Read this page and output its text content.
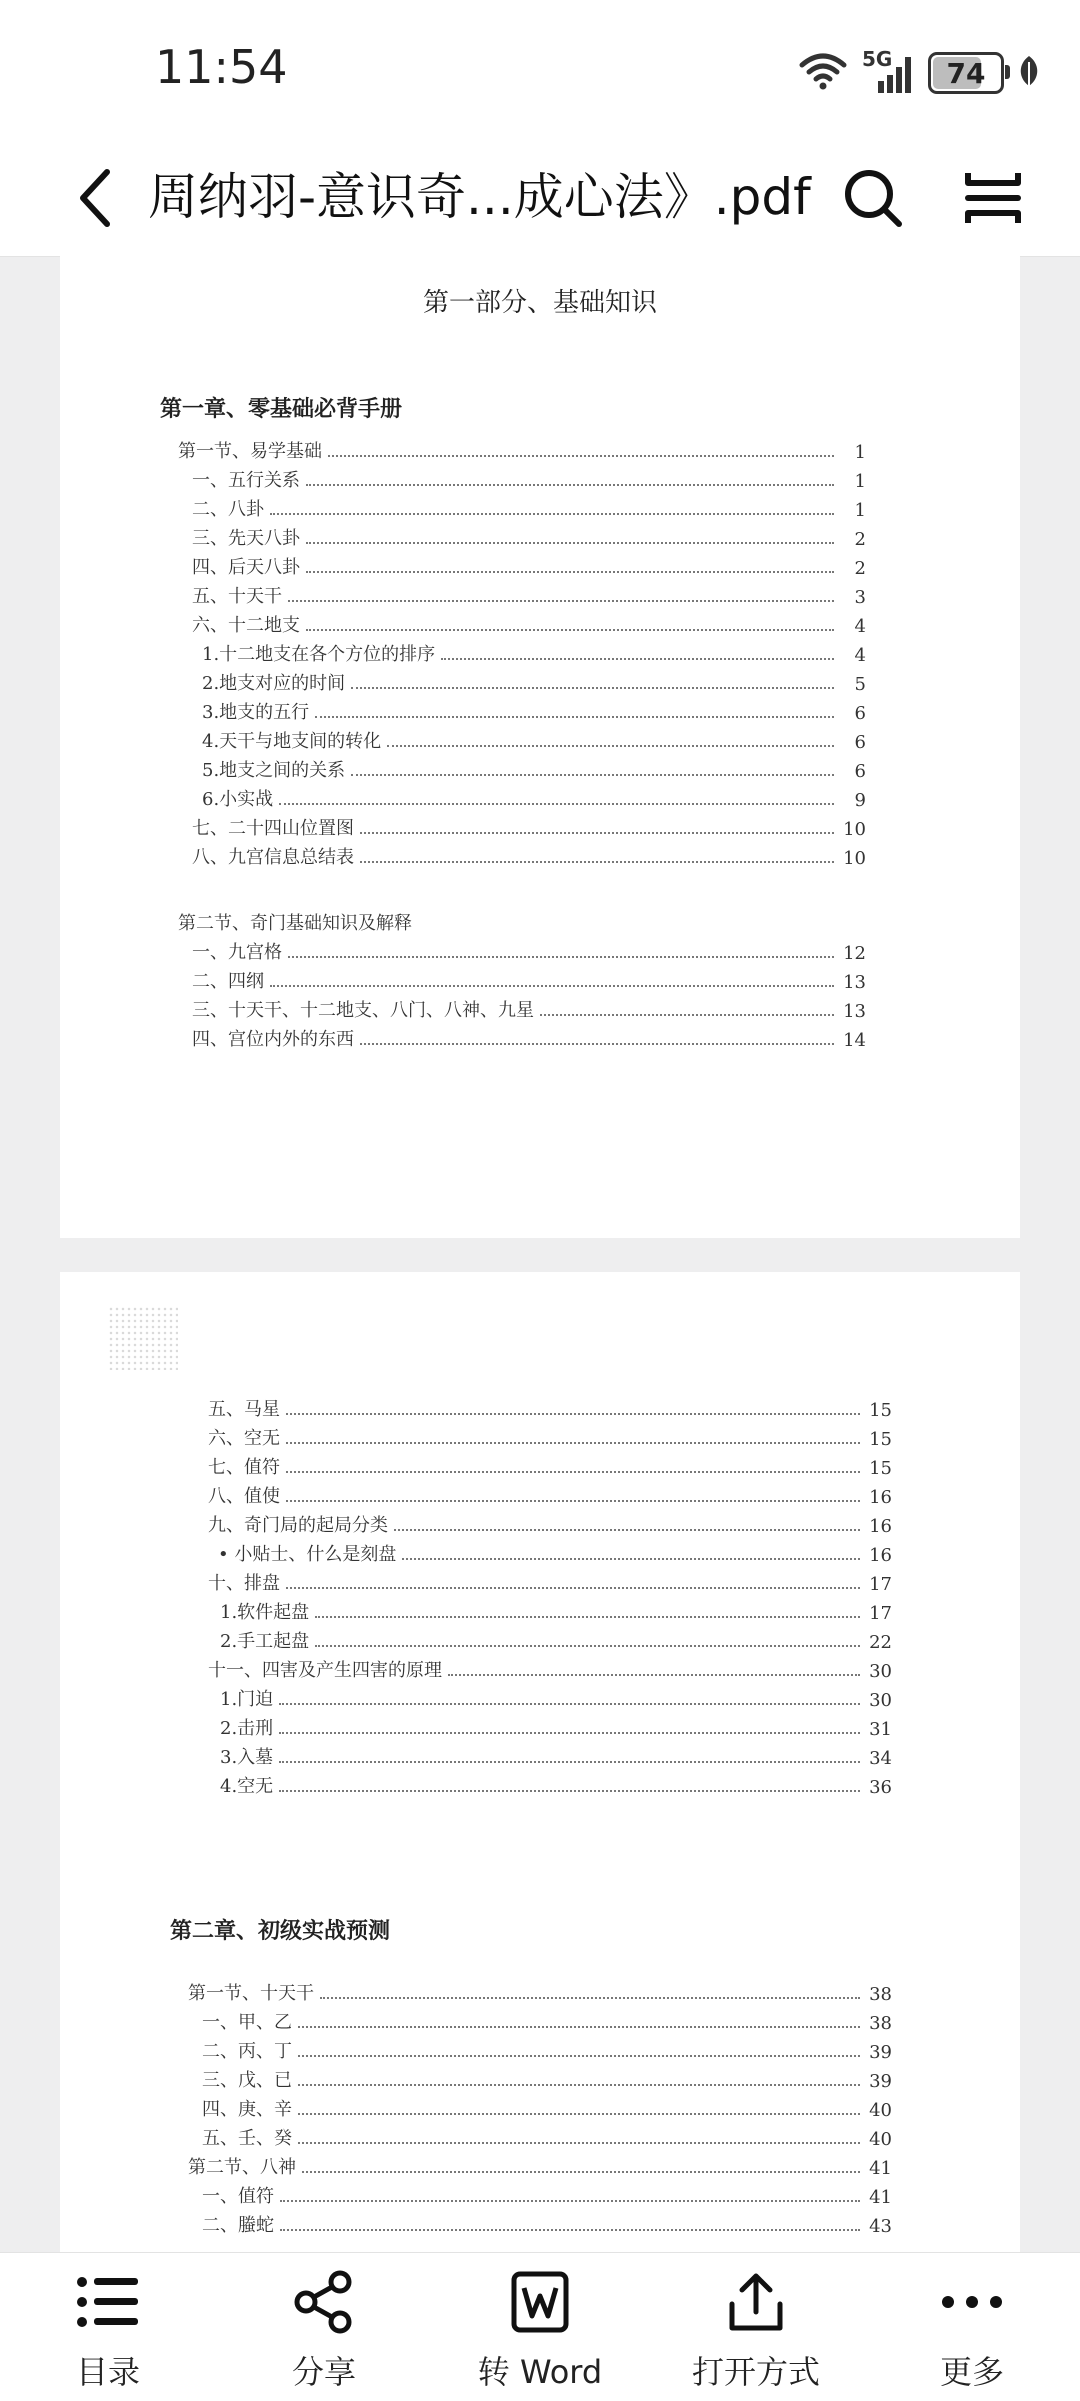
11:54	5G 74
周纳羽-意识奇...成心法》.pdf
第一部分、基础知识
第一章、零基础必背手册
第一节、易学基础	1
一、五行关系	1
二、八卦	1
三、先天八卦	2
四、后天八卦	2
五、十天干	3
六、十二地支	4
1.十二地支在各个方位的排序	4
2.地支对应的时间	5
3.地支的五行	6
4.天干与地支间的转化	6
5.地支之间的关系	6
6.小实战	9
七、二十四山位置图	10
八、九宫信息总结表	10
第二节、奇门基础知识及解释
一、九宫格	12
二、四纲	13
三、十天干、十二地支、八门、八神、九星	13
四、宫位内外的东西	14
五、马星	15
六、空无	15
七、值符	15
八、值使	16
九、奇门局的起局分类	16
• 小贴士、什么是刻盘	16
十、排盘	17
1.软件起盘	17
2.手工起盘	22
十一、四害及产生四害的原理	30
1.门迫	30
2.击刑	31
3.入墓	34
4.空无	36
第二章、初级实战预测
第一节、十天干	38
一、甲、乙	38
二、丙、丁	39
三、戊、已	39
四、庚、辛	40
五、壬、癸	40
第二节、八神	41
一、值符	41
二、螣蛇	43
目录	分享	转 Word	打开方式	更多
